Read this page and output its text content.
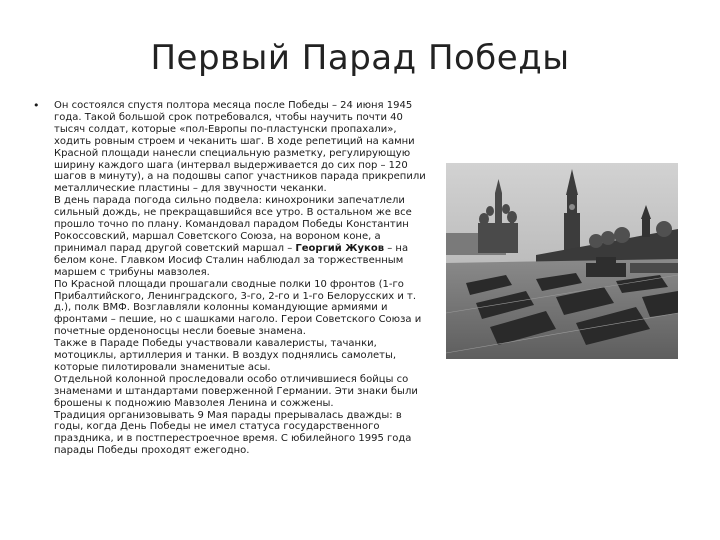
Первый Парад Победы
• Он состоялся спустя полтора месяца после Победы – 24 июня 1945 года. Такой большой срок потребовался, чтобы научить почти 40 тысяч солдат, которые «пол-Европы по-пластунски пропахали», ходить ровным строем и чеканить шаг. В ходе репетиций на камни Красной площади нанесли специальную разметку, регулирующую ширину каждого шага (интервал выдерживается до сих пор – 120 шагов в минуту), а на подошвы сапог участников парада прикрепили металлические пластины – для звучности чеканки.

В день парада погода сильно подвела: кинохроники запечатлели сильный дождь, не прекращавшийся все утро. В остальном же все прошло точно по плану. Командовал парадом Победы Константин Рокоссовский, маршал Советского Союза, на вороном коне, а принимал парад другой советский маршал – Георгий Жуков – на белом коне. Главком Иосиф Сталин наблюдал за торжественным маршем с трибуны мавзолея.

По Красной площади прошагали сводные полки 10 фронтов (1-го Прибалтийского, Ленинградского, 3-го, 2-го и 1-го Белорусских и т. д.), полк ВМФ. Возглавляли колонны командующие армиями и фронтами – пешие, но с шашками наголо. Герои Советского Союза и почетные орденоносцы несли боевые знамена.

Также в Параде Победы участвовали кавалеристы, тачанки, мотоциклы, артиллерия и танки. В воздух поднялись самолеты, которые пилотировали знаменитые асы.

Отдельной колонной проследовали особо отличившиеся бойцы со знаменами и штандартами поверженной Германии. Эти знаки были брошены к подножию Мавзолея Ленина и сожжены.

Традиция организовывать 9 Мая парады прерывалась дважды: в годы, когда День Победы не имел статуса государственного праздника, и в постперестроечное время. С юбилейного 1995 года парады Победы проходят ежегодно.
